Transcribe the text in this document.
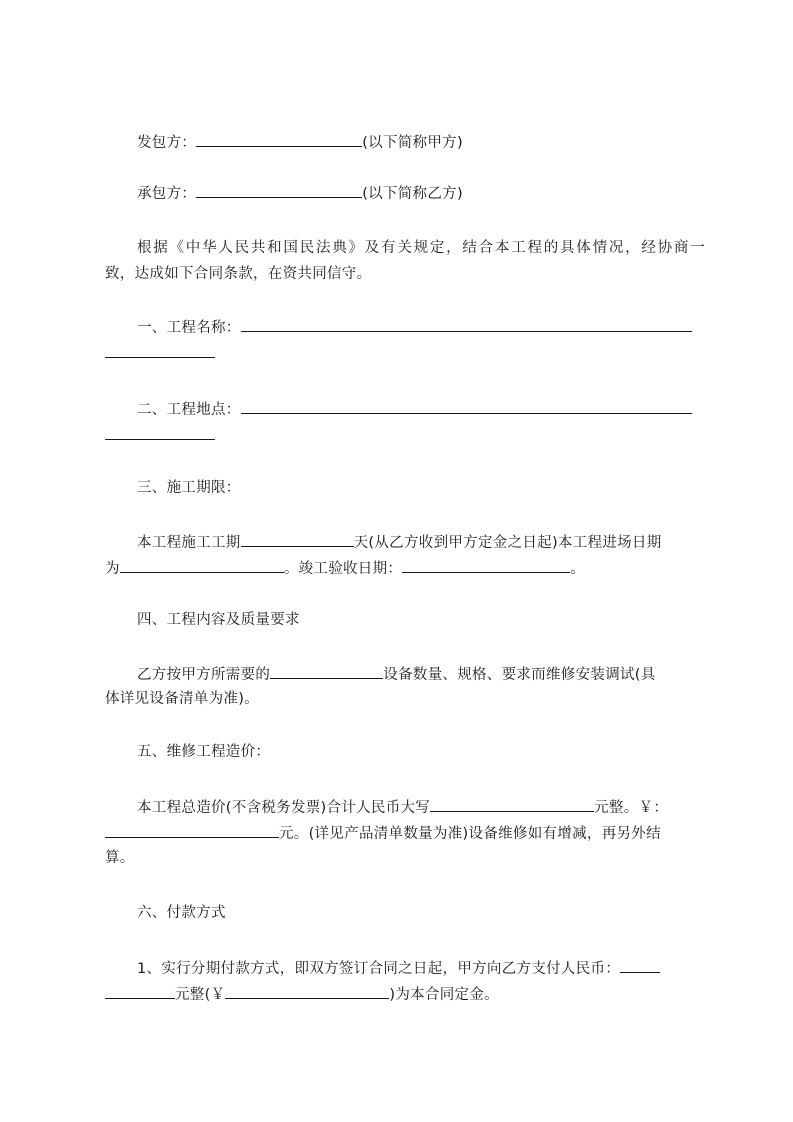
发包方：	(以下简称甲方)
承包方：	(以下简称乙方)
根据《中华人民共和国民法典》及有关规定，结合本工程的具体情况，经协商一
致，达成如下合同条款，在资共同信守。
一、工程名称：
二、工程地点：
三、施工期限：
本工程施工工期	天(从乙方收到甲方定金之日起)本工程进场日期
为	。竣工验收日期：	。
四、工程内容及质量要求
乙方按甲方所需要的	设备数量、规格、要求而维修安装调试(具
体详见设备清单为准)。
五、维修工程造价：
本工程总造价(不含税务发票)合计人民币大写	元整。￥：
元。(详见产品清单数量为准)设备维修如有增减，再另外结
算。
六、付款方式
1、实行分期付款方式，即双方签订合同之日起，甲方向乙方支付人民币：
元整(￥	)为本合同定金。
